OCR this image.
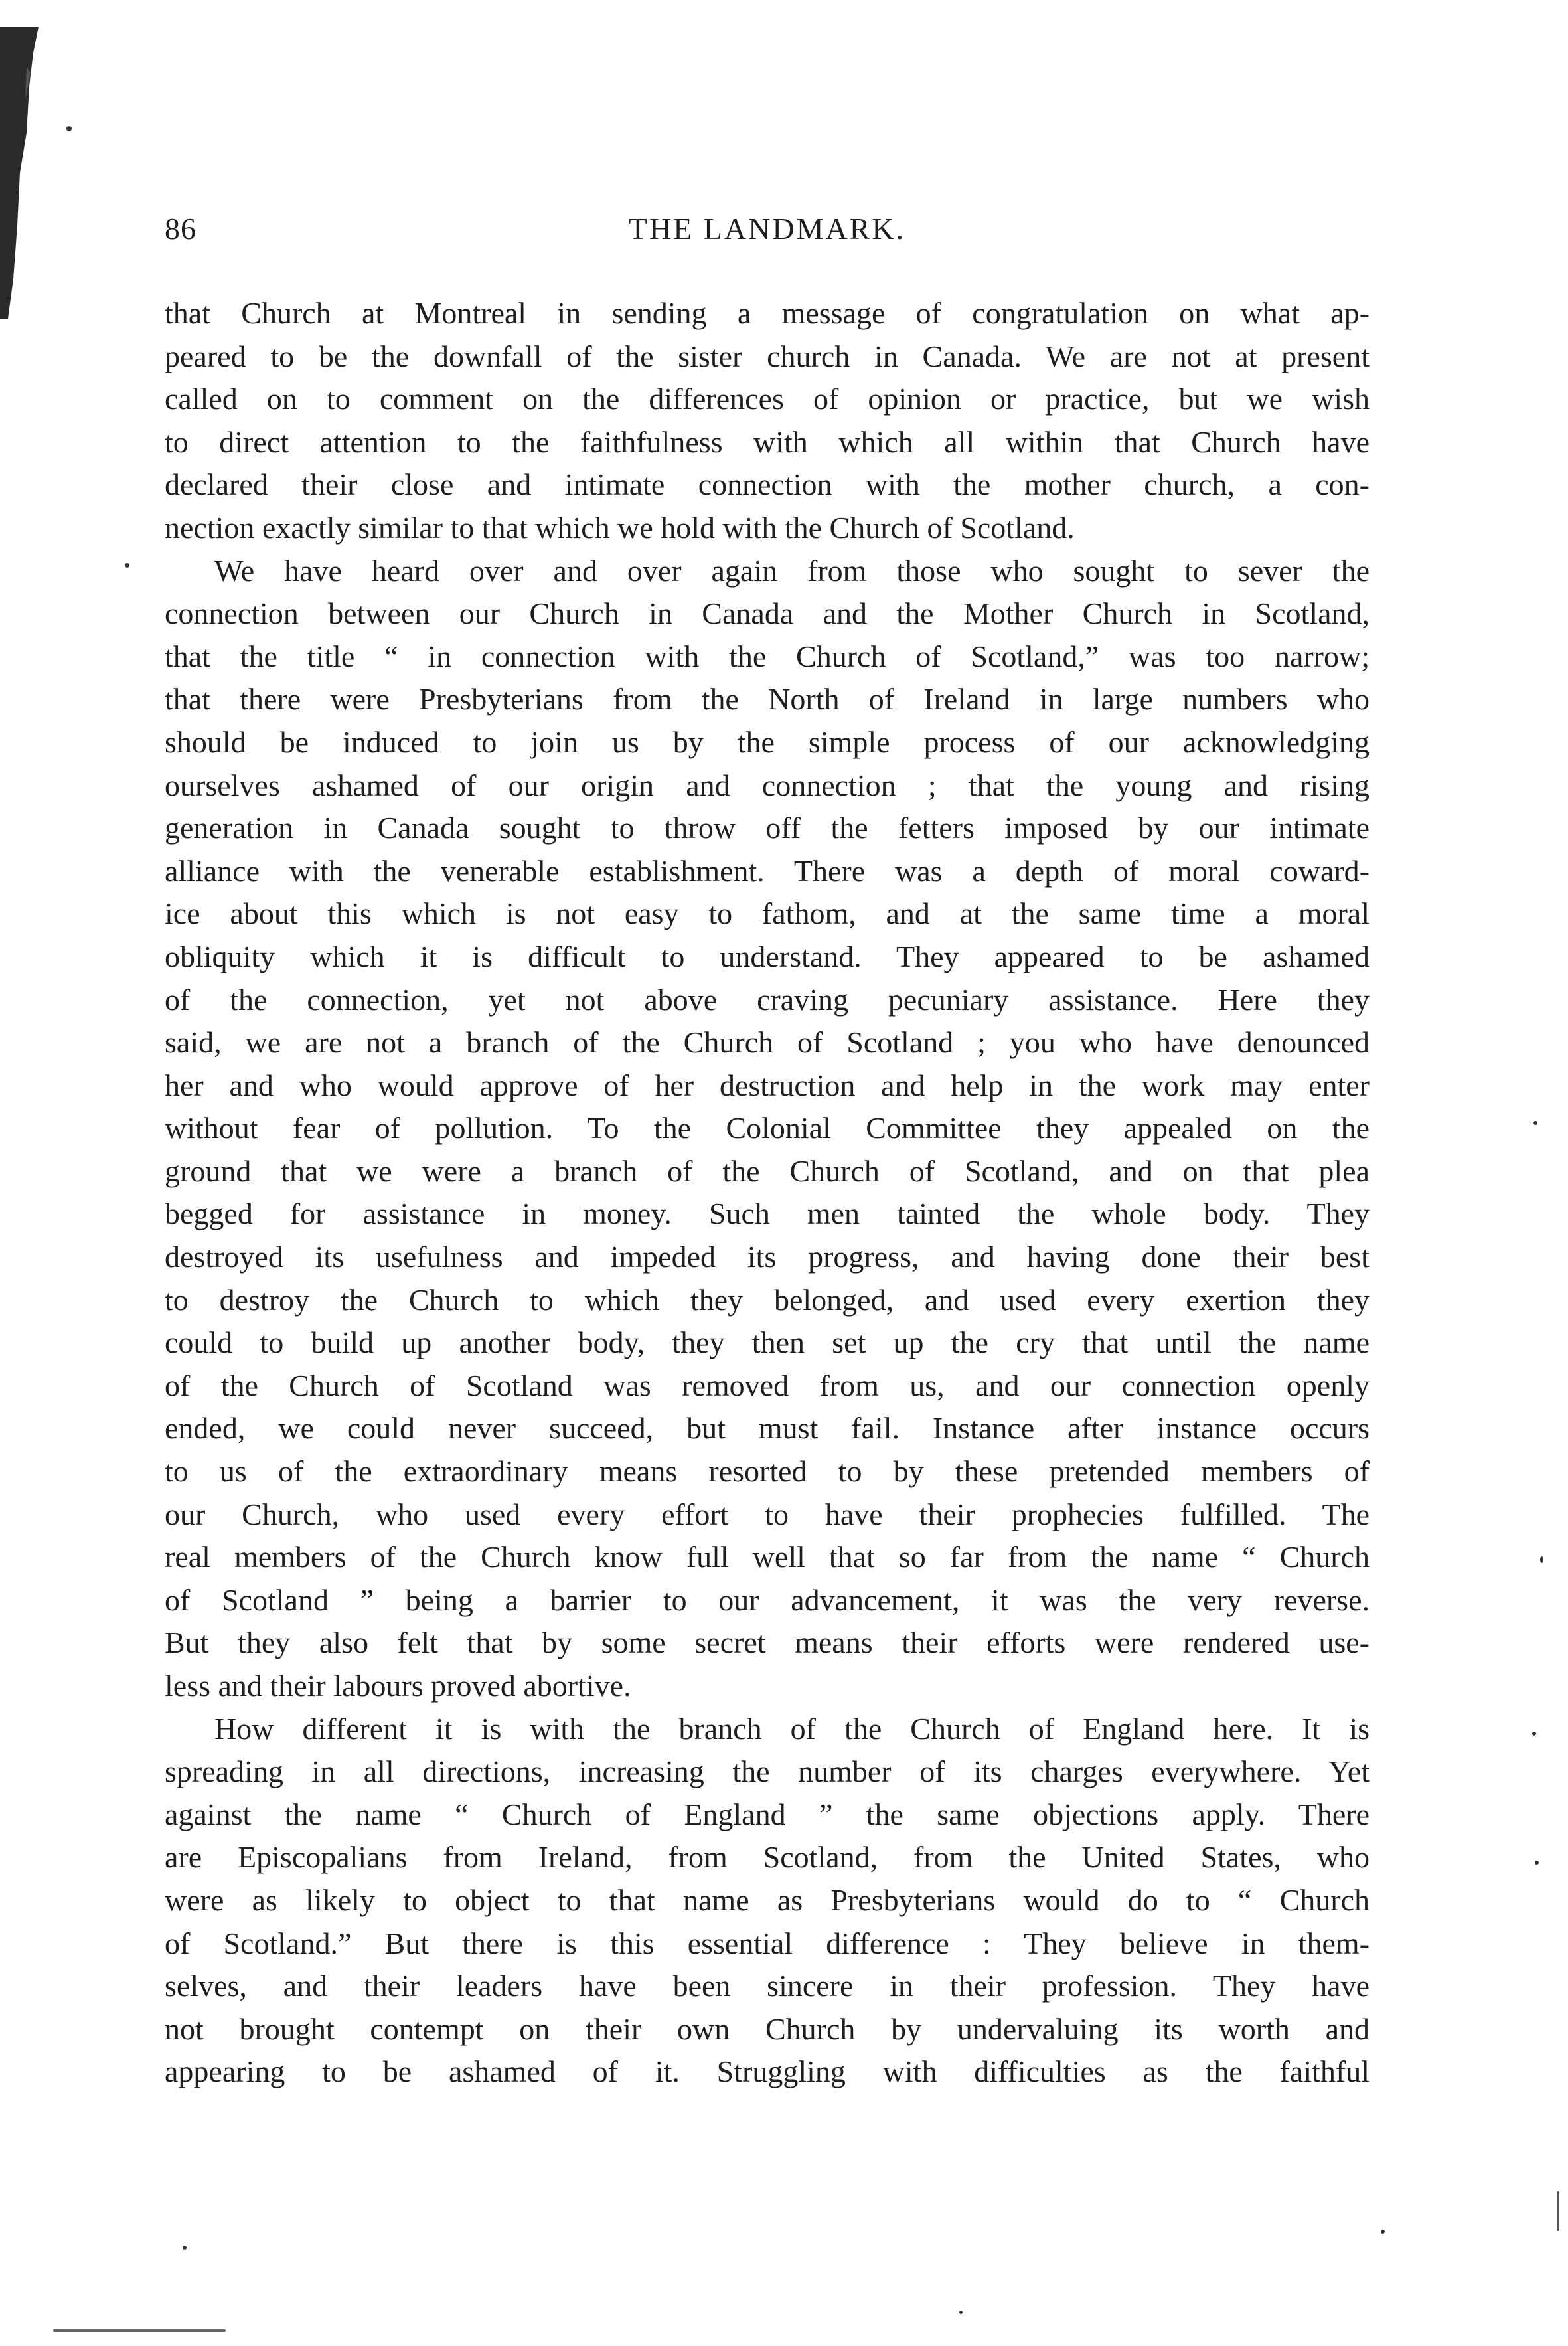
86	THE LANDMARK.
that Church at Montreal in sending a message of congratulation on what ap-
peared to be the downfall of the sister church in Canada. We are not at present
called on to comment on the differences of opinion or practice, but we wish
to direct attention to the faithfulness with which all within that Church have
declared their close and intimate connection with the mother church, a con-
nection exactly similar to that which we hold with the Church of Scotland.
We have heard over and over again from those who sought to sever the
connection between our Church in Canada and the Mother Church in Scotland,
that the title “ in connection with the Church of Scotland,” was too narrow;
that there were Presbyterians from the North of Ireland in large numbers who
should be induced to join us by the simple process of our acknowledging
ourselves ashamed of our origin and connection ; that the young and rising
generation in Canada sought to throw off the fetters imposed by our intimate
alliance with the venerable establishment. There was a depth of moral coward-
ice about this which is not easy to fathom, and at the same time a moral
obliquity which it is difficult to understand. They appeared to be ashamed
of the connection, yet not above craving pecuniary assistance. Here they
said, we are not a branch of the Church of Scotland ; you who have denounced
her and who would approve of her destruction and help in the work may enter
without fear of pollution. To the Colonial Committee they appealed on the
ground that we were a branch of the Church of Scotland, and on that plea
begged for assistance in money. Such men tainted the whole body. They
destroyed its usefulness and impeded its progress, and having done their best
to destroy the Church to which they belonged, and used every exertion they
could to build up another body, they then set up the cry that until the name
of the Church of Scotland was removed from us, and our connection openly
ended, we could never succeed, but must fail. Instance after instance occurs
to us of the extraordinary means resorted to by these pretended members of
our Church, who used every effort to have their prophecies fulfilled. The
real members of the Church know full well that so far from the name “ Church
of Scotland ” being a barrier to our advancement, it was the very reverse.
But they also felt that by some secret means their efforts were rendered use-
less and their labours proved abortive.
How different it is with the branch of the Church of England here. It is
spreading in all directions, increasing the number of its charges everywhere. Yet
against the name “ Church of England ” the same objections apply. There
are Episcopalians from Ireland, from Scotland, from the United States, who
were as likely to object to that name as Presbyterians would do to “ Church
of Scotland.” But there is this essential difference : They believe in them-
selves, and their leaders have been sincere in their profession. They have
not brought contempt on their own Church by undervaluing its worth and
appearing to be ashamed of it. Struggling with difficulties as the faithful
